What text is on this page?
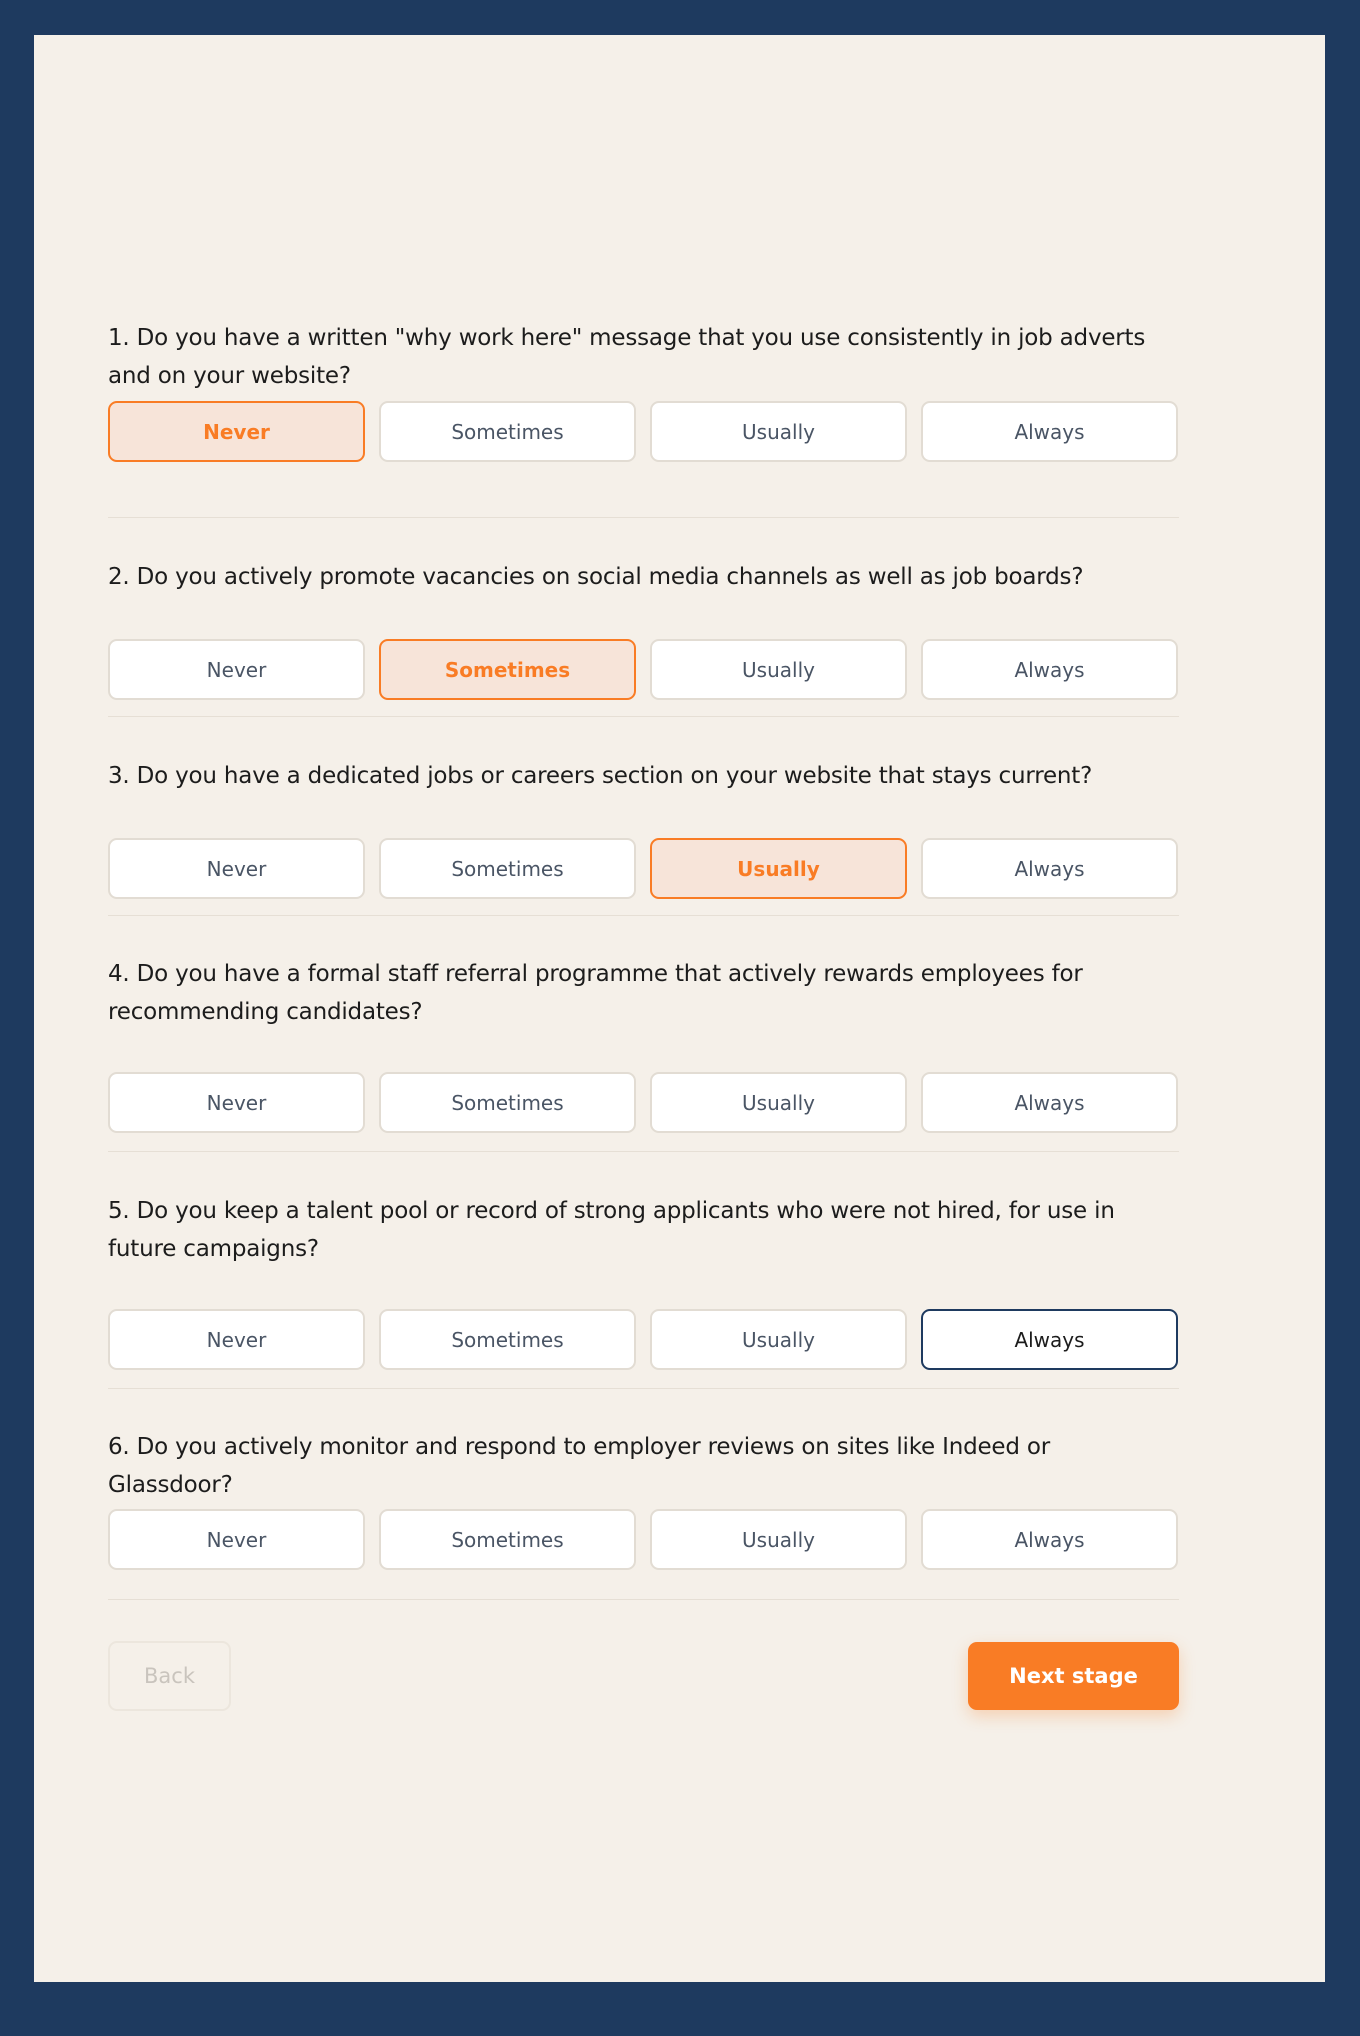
1. Do you have a written "why work here" message that you use consistently in job adverts and on your website?

Never	Sometimes	Usually	Always

2. Do you actively promote vacancies on social media channels as well as job boards?

Never	Sometimes	Usually	Always

3. Do you have a dedicated jobs or careers section on your website that stays current?

Never	Sometimes	Usually	Always

4. Do you have a formal staff referral programme that actively rewards employees for recommending candidates?

Never	Sometimes	Usually	Always

5. Do you keep a talent pool or record of strong applicants who were not hired, for use in future campaigns?

Never	Sometimes	Usually	Always

6. Do you actively monitor and respond to employer reviews on sites like Indeed or Glassdoor?

Never	Sometimes	Usually	Always
Back	Next stage
